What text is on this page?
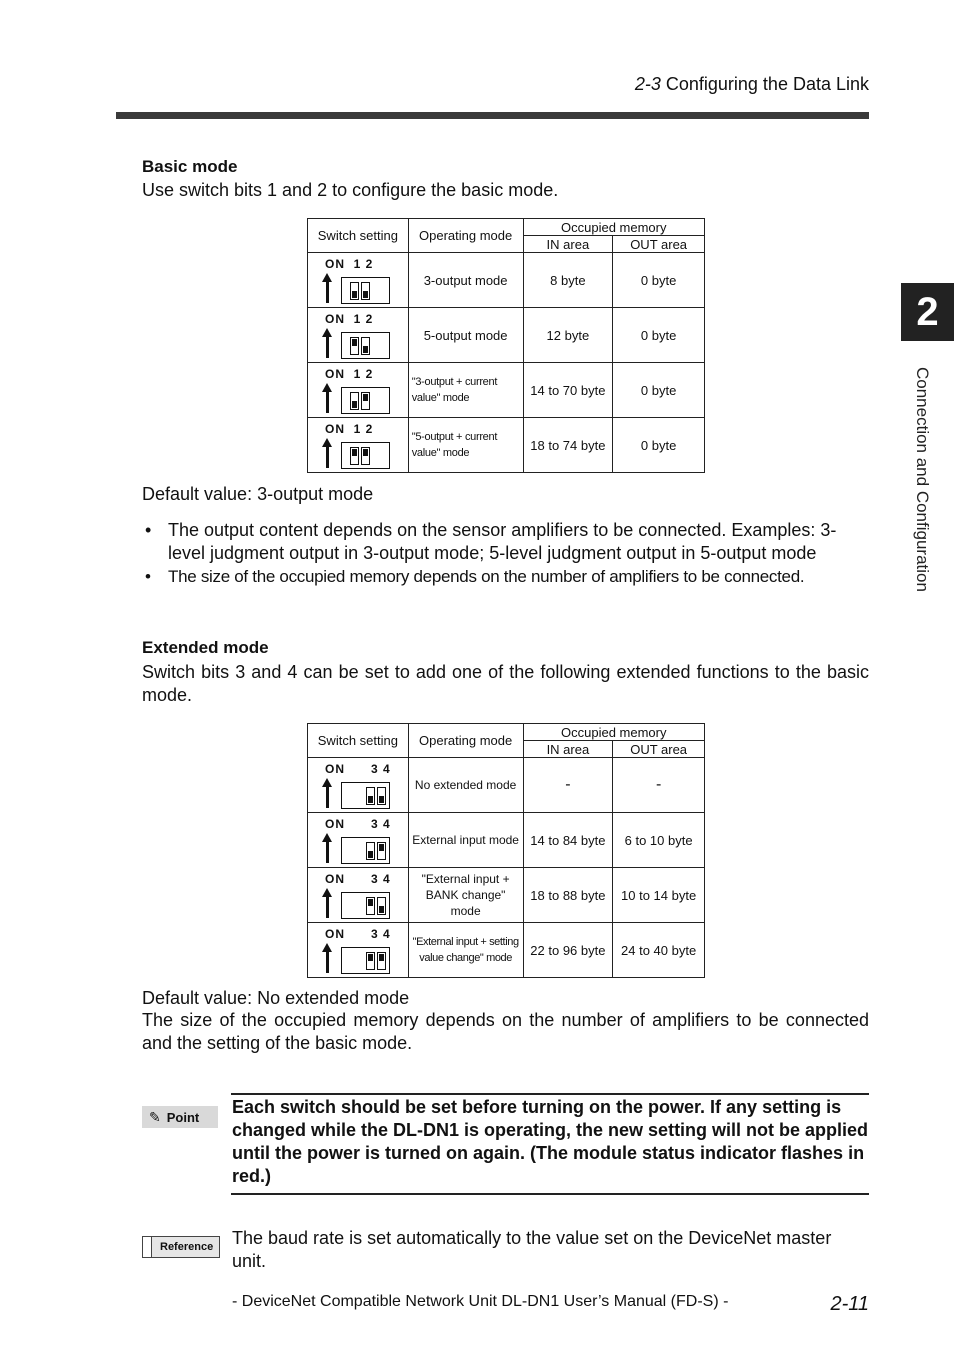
2-3 Configuring the Data Link
2
Connection and Configuration
Basic mode
Use switch bits 1 and 2 to configure the basic mode.
Switch setting	Operating mode	Occupied memory	
		IN area	OUT area

ON  1 2	3-output mode	8 byte	0 byte

ON  1 2	5-output mode	12 byte	0 byte

ON  1 2	"3-output + current value" mode	14 to 70 byte	0 byte

ON  1 2	"5-output + current value" mode	18 to 74 byte	0 byte
Default value: 3-output mode
• The output content depends on the sensor amplifiers to be connected. Examples: 3-level judgment output in 3-output mode; 5-level judgment output in 5-output mode
• The size of the occupied memory depends on the number of amplifiers to be connected.
Extended mode
Switch bits 3 and 4 can be set to add one of the following extended functions to the basic mode.
Switch setting	Operating mode	Occupied memory	
		IN area	OUT area

ON      3 4	No extended mode	-	-

ON      3 4	External input mode	14 to 84 byte	6 to 10 byte

ON      3 4	"External input + BANK change" mode	18 to 88 byte	10 to 14 byte

ON      3 4	"External input + setting value change" mode	22 to 96 byte	24 to 40 byte
Default value: No extended mode
The size of the occupied memory depends on the number of amplifiers to be connected and the setting of the basic mode.
✎ Point Each switch should be set before turning on the power. If any setting is changed while the DL-DN1 is operating, the new setting will not be applied until the power is turned on again. (The module status indicator flashes in red.)
Reference The baud rate is set automatically to the value set on the DeviceNet master unit.
- DeviceNet Compatible Network Unit DL-DN1 User’s Manual (FD-S) -	2-11
